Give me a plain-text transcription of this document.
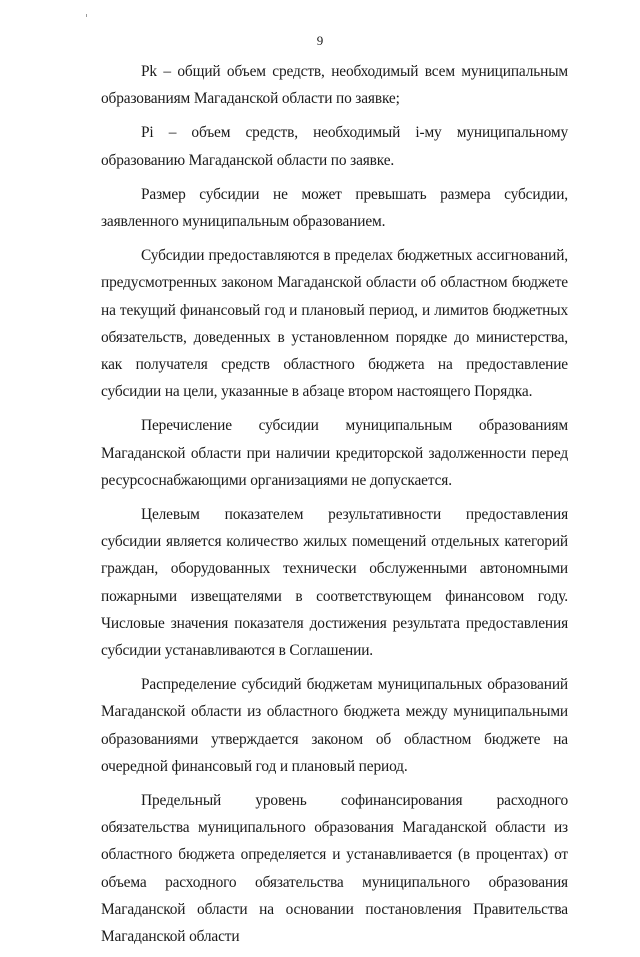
9

Pk – общий объем средств, необходимый всем муниципальным образованиям Магаданской области по заявке;

Pi – объем средств, необходимый i-му муниципальному образованию Магаданской области по заявке.

Размер субсидии не может превышать размера субсидии, заявленного муниципальным образованием.

Субсидии предоставляются в пределах бюджетных ассигнований, предусмотренных законом Магаданской области об областном бюджете на текущий финансовый год и плановый период, и лимитов бюджетных обязательств, доведенных в установленном порядке до министерства, как получателя средств областного бюджета на предоставление субсидии на цели, указанные в абзаце втором настоящего Порядка.

Перечисление субсидии муниципальным образованиям Магаданской области при наличии кредиторской задолженности перед ресурсоснабжающими организациями не допускается.

Целевым показателем результативности предоставления субсидии является количество жилых помещений отдельных категорий граждан, оборудованных технически обслуженными автономными пожарными извещателями в соответствующем финансовом году. Числовые значения показателя достижения результата предоставления субсидии устанавливаются в Соглашении.

Распределение субсидий бюджетам муниципальных образований Магаданской области из областного бюджета между муниципальными образованиями утверждается законом об областном бюджете на очередной финансовый год и плановый период.

Предельный уровень софинансирования расходного обязательства муниципального образования Магаданской области из областного бюджета определяется и устанавливается (в процентах) от объема расходного обязательства муниципального образования Магаданской области на основании постановления Правительства Магаданской области
